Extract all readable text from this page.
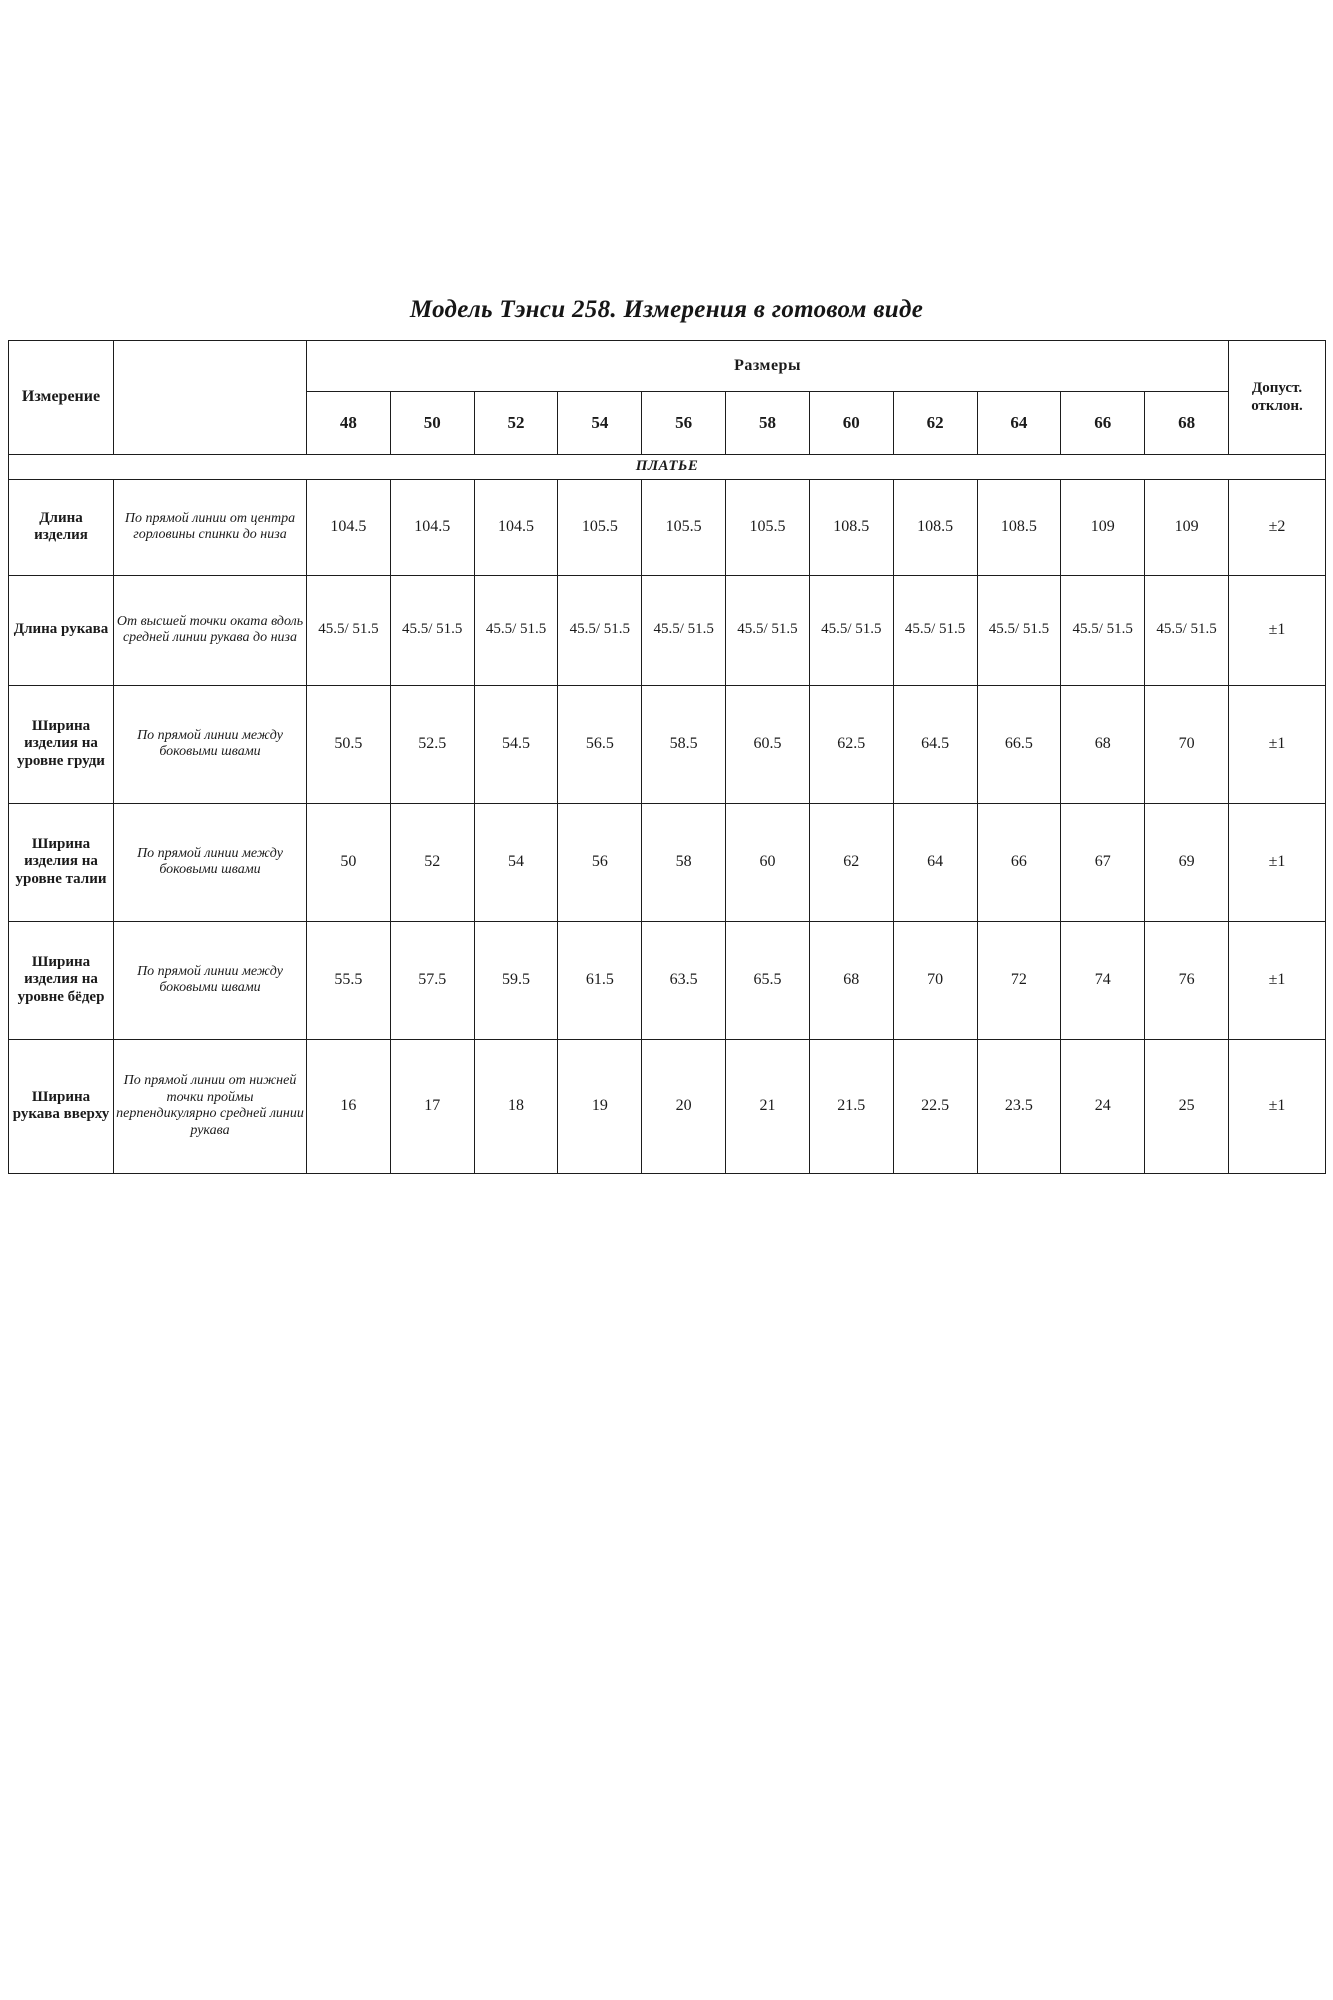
Модель Тэнси 258. Измерения в готовом виде
Измерение		Размеры											Допуст. отклон.
		48	50	52	54	56	58	60	62	64	66	68	
ПЛАТЬЕ													
Длина изделия	По прямой линии от центра горловины спинки до низа	104.5	104.5	104.5	105.5	105.5	105.5	108.5	108.5	108.5	109	109	±2
Длина рукава	От высшей точки оката вдоль средней линии рукава до низа	45.5/ 51.5	45.5/ 51.5	45.5/ 51.5	45.5/ 51.5	45.5/ 51.5	45.5/ 51.5	45.5/ 51.5	45.5/ 51.5	45.5/ 51.5	45.5/ 51.5	45.5/ 51.5	±1
Ширина изделия на уровне груди	По прямой линии между боковыми швами	50.5	52.5	54.5	56.5	58.5	60.5	62.5	64.5	66.5	68	70	±1
Ширина изделия на уровне талии	По прямой линии между боковыми швами	50	52	54	56	58	60	62	64	66	67	69	±1
Ширина изделия на уровне бёдер	По прямой линии между боковыми швами	55.5	57.5	59.5	61.5	63.5	65.5	68	70	72	74	76	±1
Ширина рукава вверху	По прямой линии от нижней точки проймы перпендикулярно средней линии рукава	16	17	18	19	20	21	21.5	22.5	23.5	24	25	±1
